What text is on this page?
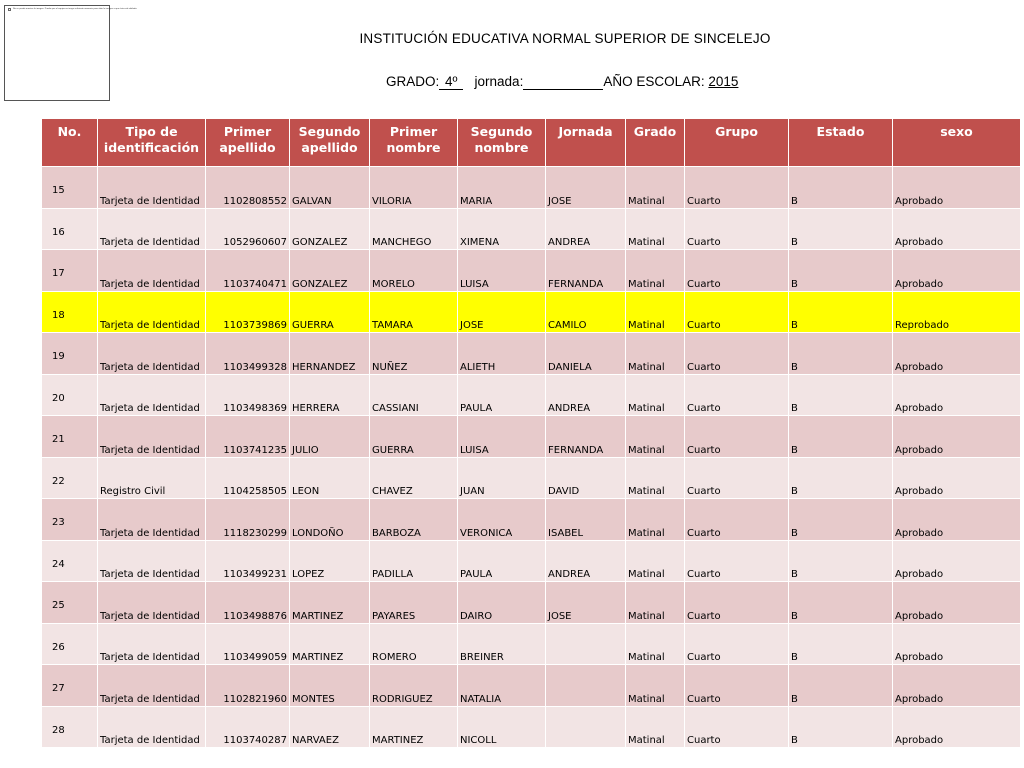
No se puede mostrar la imagen. Puede que el equipo no tenga suficiente memoria para abrir la imagen o que ésta esté dañada.
INSTITUCIÓN EDUCATIVA NORMAL SUPERIOR DE SINCELEJO
GRADO: 4º jornada:	AÑO ESCOLAR: 2015
No.	Tipo de identificación	Primer apellido	Segundo apellido	Primer nombre	Segundo nombre	Jornada	Grado	Grupo	Estado	sexo

15	Tarjeta de Identidad	1102808552	GALVAN	VILORIA	MARIA	JOSE	Matinal	Cuarto	B	Aprobado

16	Tarjeta de Identidad	1052960607	GONZALEZ	MANCHEGO	XIMENA	ANDREA	Matinal	Cuarto	B	Aprobado

17	Tarjeta de Identidad	1103740471	GONZALEZ	MORELO	LUISA	FERNANDA	Matinal	Cuarto	B	Aprobado

18	Tarjeta de Identidad	1103739869	GUERRA	TAMARA	JOSE	CAMILO	Matinal	Cuarto	B	Reprobado

19	Tarjeta de Identidad	1103499328	HERNANDEZ	NUÑEZ	ALIETH	DANIELA	Matinal	Cuarto	B	Aprobado

20	Tarjeta de Identidad	1103498369	HERRERA	CASSIANI	PAULA	ANDREA	Matinal	Cuarto	B	Aprobado

21	Tarjeta de Identidad	1103741235	JULIO	GUERRA	LUISA	FERNANDA	Matinal	Cuarto	B	Aprobado

22	Registro Civil	1104258505	LEON	CHAVEZ	JUAN	DAVID	Matinal	Cuarto	B	Aprobado

23	Tarjeta de Identidad	1118230299	LONDOÑO	BARBOZA	VERONICA	ISABEL	Matinal	Cuarto	B	Aprobado

24	Tarjeta de Identidad	1103499231	LOPEZ	PADILLA	PAULA	ANDREA	Matinal	Cuarto	B	Aprobado

25	Tarjeta de Identidad	1103498876	MARTINEZ	PAYARES	DAIRO	JOSE	Matinal	Cuarto	B	Aprobado

26	Tarjeta de Identidad	1103499059	MARTINEZ	ROMERO	BREINER		Matinal	Cuarto	B	Aprobado

27	Tarjeta de Identidad	1102821960	MONTES	RODRIGUEZ	NATALIA		Matinal	Cuarto	B	Aprobado

28	Tarjeta de Identidad	1103740287	NARVAEZ	MARTINEZ	NICOLL		Matinal	Cuarto	B	Aprobado
